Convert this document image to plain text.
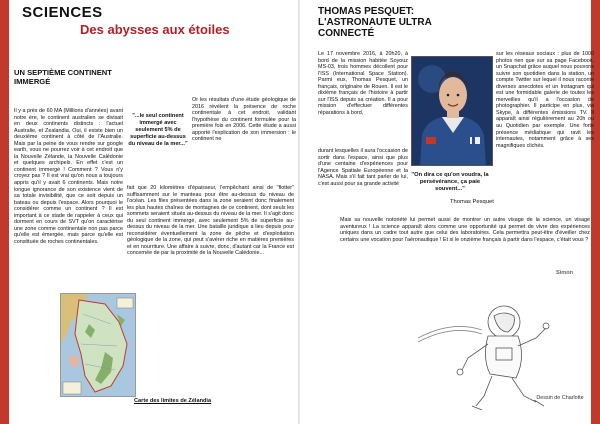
SCIENCES
Des abysses aux étoiles
UN SEPTIÈME CONTINENT IMMERGÉ

Il y a près de 60 MA (Millions d'années) avant notre ère, le continent australien se divisait en deux continents distincts : l'actuel Australie, et Zealandia. Oui, il existe bien un deuxième continent à côté de l'Australie. Mais par la peine de vous rendre sur google earth, vous ne pourrez voir à cet endroit que la Nouvelle Zélande, la Nouvelle Calédonie et quelques archipels. En effet c'est un continent immergé ! Comment ? Vous n'y croyez pas ? Il est vrai qu'on nous a toujours appris qu'il y avait 6 continents. Mais notre longue ignorance de son existence vient de sa totale invisibilité, que ce soit depuis un bateau ou depuis l'espace. Alors pourquoi le considérer comme un continent ? Il est important à ce stade de rappeler à ceux qui dorment en cours de SVT qu'on caractérise une zone comme continentale non pas parce qu'elle est émergée, mais parce qu'elle est constituée de roches continentales.

"...le seul continent immergé avec seulement 5% de superficie au-dessus du niveau de la mer..."

Or les résultats d'une étude géologique de 2016 révèlent la présence de roche continentale à cet endroit, validant l'hypothèse du continent formulée pour la première fois en 2006. Cette étude a aussi apporté l'explication de son immersion : le continent ne

fait que 20 kilomètres d'épaisseur, l'empêchant ainsi de "flotter" suffisamment sur le manteau pour être au-dessus du niveau de l'océan. Les files présentées dans la zone seraient donc finalement les plus hautes chaînes de montagnes de ce continent, dont seuls les sommets seraient situés au-dessus du niveau de la mer. Il s'agit donc du seul continent immergé, avec seulement 5% de superficie au-dessus du niveau de la mer. Une bataille juridique a lieu depuis pour reconsidérer éventuellement la zone de pêche et d'exploitation géologique de la zone, qui peut s'avérer riche en matières premières et en nourriture. Une affaire à suivre, donc, d'autant car la France est concernée de par la proximité de la Nouvelle Calédonie...

Carte des limites de Zélandia
THOMAS PESQUET: L'ASTRONAUTE ULTRA CONNECTÉ

Le 17 novembre 2016, à 20h20, à bord de la mission habitée Soyouz MS-03, trois hommes décollent pour l'ISS (International Space Station). Parmi eux, Thomas Pesquet, un français, originaire de Rouen. Il est le dixième français de l'histoire à partir sur l'ISS depuis sa création. Il a pour mission d'effectuer différentes réparations à bord,

durant lesquelles il aura l'occasion de sortir dans l'espace, ainsi que plus d'une centaine d'expériences pour l'Agence Spatiale Européenne et la NASA. Mais s'il fait tant parler de lui, c'est aussi pour sa grande activité

sur les réseaux sociaux : plus de 1000 photos rien que sur sa page Facebook, un Snapchat grâce auquel nous pouvons suivre son quotidien dans la station, un compte Twitter sur lequel il nous raconte diverses anecdotes et un Instagram qui est une formidable galerie de toutes les merveilles qu'il a l'occasion de photographier. Il participe en plus, via Skype, à différentes émissions TV. Il apparaît ainsi régulièrement au 20h ou au Quotidien par exemple. Une forte présence médiatique qui ravit les internautes, notamment grâce à ses magnifiques clichés.

"On dira ce qu'on voudra, la persévérance, ça paie souvent..."
Thomas Pesquet

Mais sa nouvelle notoriété lui permet aussi de montrer un autre visage de la science, un visage aventureux ! La science apparaît alors comme une opportunité qui permet de vivre des expériences uniques dans un cadre tout autre que celui des laboratoires. Cela permettra peut-être d'éveiller chez certains une vocation pour l'aéronautique ! Et si le onzième français à partir dans l'espace, c'était vous ?

Simon
Dessin de Charlotte
